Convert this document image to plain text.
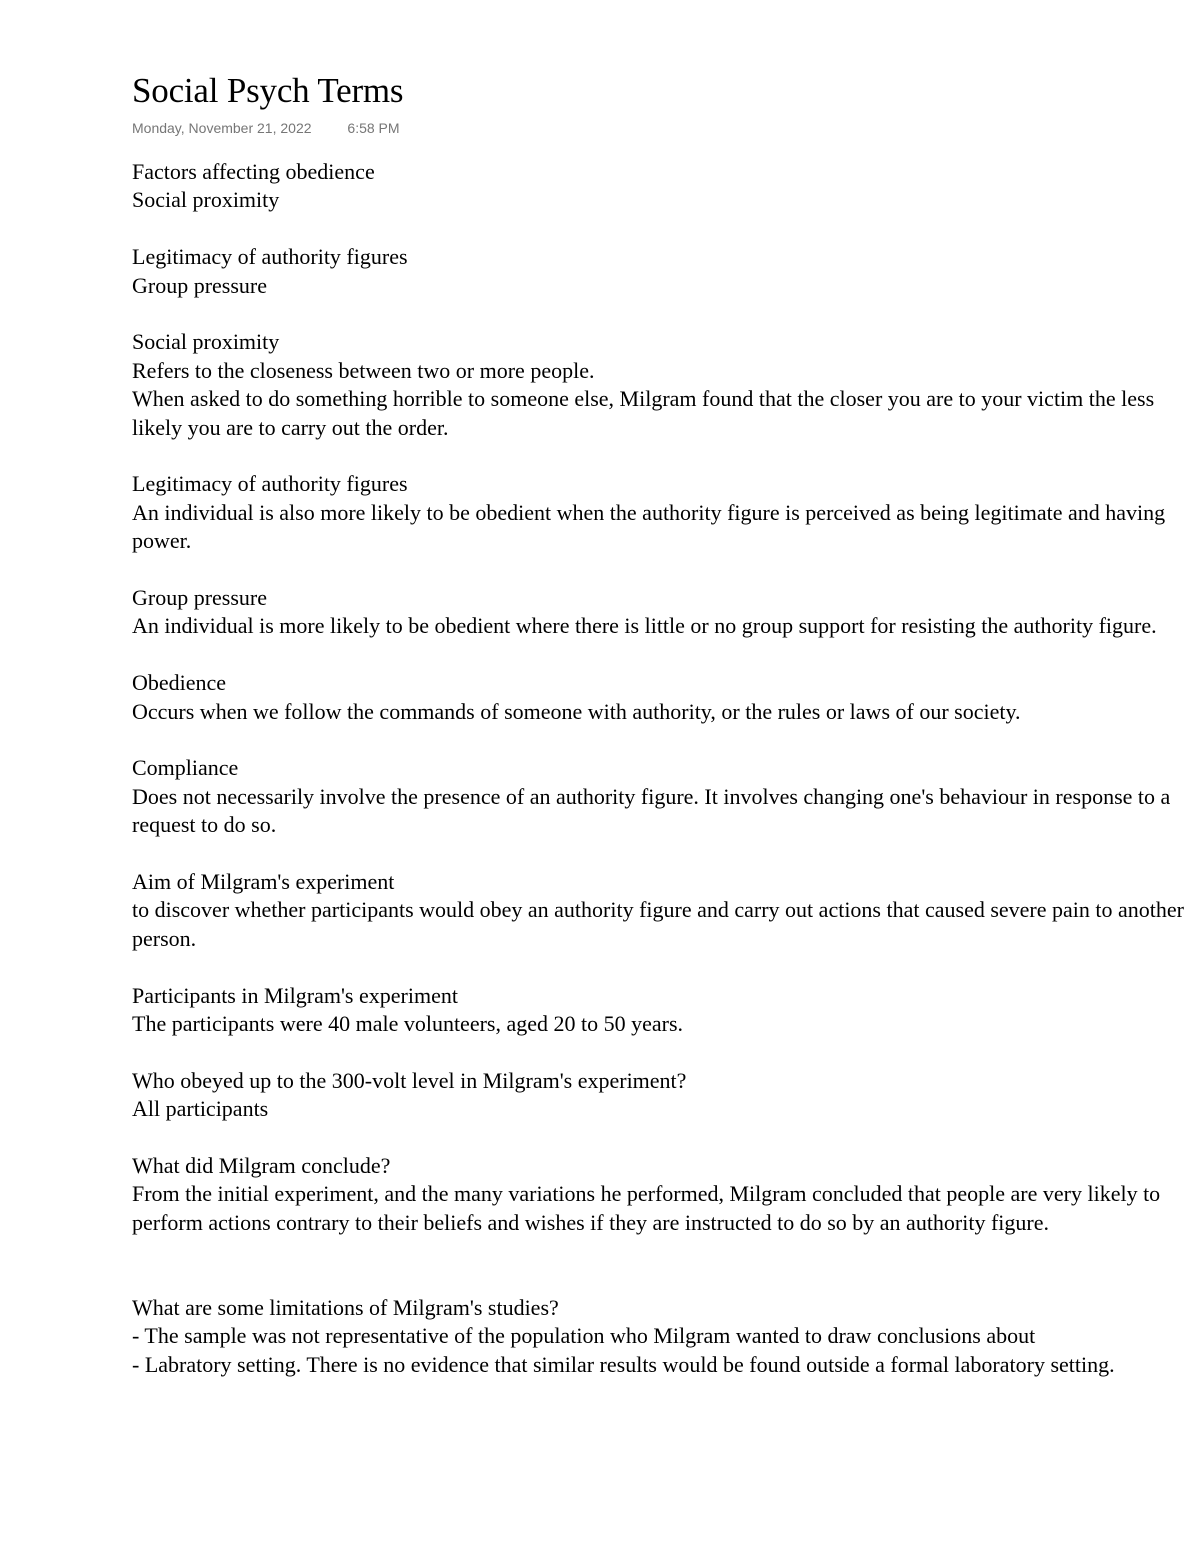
Social Psych Terms
Monday, November 21, 2022	6:58 PM

Factors affecting obedience

Social proximity

Legitimacy of authority figures

Group pressure

Social proximity

Refers to the closeness between two or more people.

When asked to do something horrible to someone else, Milgram found that the closer you are to your victim the less likely you are to carry out the order.

Legitimacy of authority figures

An individual is also more likely to be obedient when the authority figure is perceived as being legitimate and having power.

Group pressure

An individual is more likely to be obedient where there is little or no group support for resisting the authority figure.

Obedience

Occurs when we follow the commands of someone with authority, or the rules or laws of our society.

Compliance

Does not necessarily involve the presence of an authority figure. It involves changing one's behaviour in response to a request to do so.

Aim of Milgram's experiment

to discover whether participants would obey an authority figure and carry out actions that caused severe pain to another person.

Participants in Milgram's experiment

The participants were 40 male volunteers, aged 20 to 50 years.

Who obeyed up to the 300-volt level in Milgram's experiment?

All participants

What did Milgram conclude?

From the initial experiment, and the many variations he performed, Milgram concluded that people are very likely to perform actions contrary to their beliefs and wishes if they are instructed to do so by an authority figure.

What are some limitations of Milgram's studies?

- The sample was not representative of the population who Milgram wanted to draw conclusions about

- Labratory setting. There is no evidence that similar results would be found outside a formal laboratory setting.
